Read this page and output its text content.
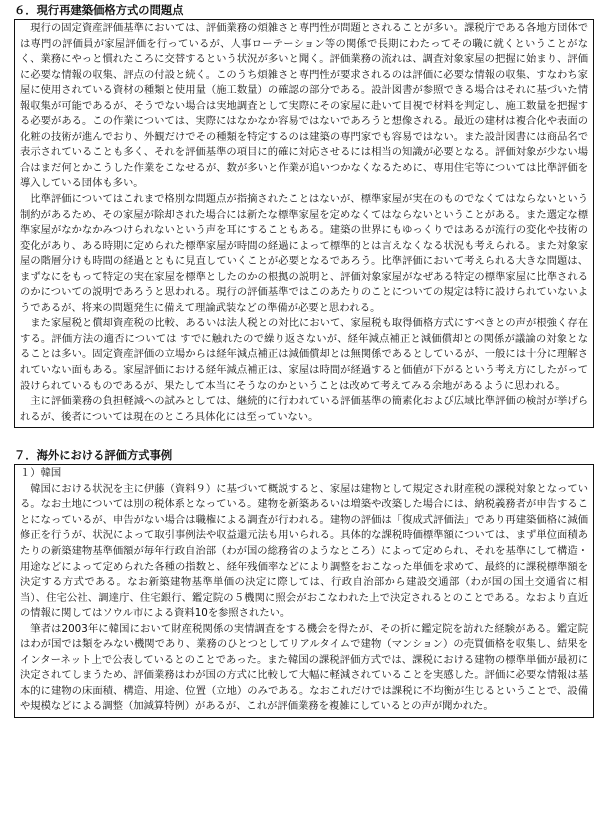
６．現行再建築価格方式の問題点

現行の固定資産評価基準においては、評価業務の煩雑さと専門性が問題とされることが多い。課税庁である各地方団体では専門の評価員が家屋評価を行っているが、人事ローテーション等の関係で長期にわたってその職に就くということがなく、業務にやっと慣れたころに交替するという状況が多いと聞く。評価業務の流れは、調査対象家屋の把握に始まり、評価に必要な情報の収集、評点の付設と続く。このうち煩雑さと専門性が要求されるのは評価に必要な情報の収集、すなわち家屋に使用されている資材の種類と使用量（施工数量）の確認の部分である。設計図書が参照できる場合はそれに基づいた情報収集が可能であるが、そうでない場合は実地調査として実際にその家屋に赴いて目視で材料を判定し、施工数量を把握する必要がある。この作業については、実際にはなかなか容易ではないであろうと想像される。最近の建材は複合化や表面の化粧の技術が進んでおり、外観だけでその種類を特定するのは建築の専門家でも容易ではない。また設計図書には商品名で表示されていることも多く、それを評価基準の項目に的確に対応させるには相当の知識が必要となる。評価対象が少ない場合はまだ何とかこうした作業をこなせるが、数が多いと作業が追いつかなくなるために、専用住宅等については比準評価を導入している団体も多い。

比準評価についてはこれまで格別な問題点が指摘されたことはないが、標準家屋が実在のものでなくてはならないという制約があるため、その家屋が除却された場合には新たな標準家屋を定めなくてはならないということがある。また選定な標準家屋がなかなかみつけられないという声を耳にすることもある。建築の世界にもゆっくりではあるが流行の変化や技術の変化があり、ある時期に定められた標準家屋が時間の経過によって標準的とは言えなくなる状況も考えられる。また対象家屋の階層分けも時間の経過とともに見直していくことが必要となるであろう。比準評価において考えられる大きな問題は、まずなにをもって特定の実在家屋を標準としたのかの根拠の説明と、評価対象家屋がなぜある特定の標準家屋に比準されるのかについての説明であろうと思われる。現行の評価基準ではこのあたりのことについての規定は特に設けられていないようであるが、将来の問題発生に備えて理論武装などの準備が必要と思われる。

また家屋税と償却資産税の比較、あるいは法人税との対比において、家屋税も取得価格方式にすべきとの声が根強く存在する。評価方法の適否については すでに触れたので繰り返さないが、経年減点補正と減価償却との関係が議論の対象となることは多い。固定資産評価の立場からは経年減点補正は減価償却とは無関係であるとしているが、一般には十分に理解されていない面もある。家屋評価における経年減点補正は、家屋は時間が経過すると価値が下がるという考え方にしたがって設けられているものであるが、果たして本当にそうなのかということは改めて考えてみる余地があるように思われる。

主に評価業務の負担軽減への試みとしては、継続的に行われている評価基準の簡素化および広域比準評価の検討が挙げられるが、後者については現在のところ具体化には至っていない。

７．海外における評価方式事例
１）韓国

韓国における状況を主に伊藤（資料９）に基づいて概説すると、家屋は建物として規定され財産税の課税対象となっている。なお土地については別の税体系となっている。建物を新築あるいは増築や改築した場合には、納税義務者が申告することになっているが、申告がない場合は職権による調査が行われる。建物の評価は「復成式評価法」であり再建築価格に減価修正を行うが、状況によって取引事例法や収益還元法も用いられる。具体的な課税時価標準額については、まず単位面積あたりの新築建物基準価額が毎年行政自治部（わが国の総務省のようなところ）によって定められ、それを基準にして構造・用途などによって定められた各種の指数と、経年残価率などにより調整をおこなった単価を求めて、最終的に課税標準額を決定する方式である。なお新築建物基準単価の決定に際しては、行政自治部から建設交通部（わが国の国土交通省に相当）、住宅公社、調達庁、住宅銀行、鑑定院の５機関に照会がおこなわれた上で決定されるとのことである。なおより直近の情報に関してはソウル市による資料10を参照されたい。

筆者は2003年に韓国において財産税関係の実情調査をする機会を得たが、その折に鑑定院を訪れた経験がある。鑑定院はわが国では類をみない機関であり、業務のひとつとしてリアルタイムで建物（マンション）の売買価格を収集し、結果をインターネット上で公表しているとのことであった。また韓国の課税評価方式では、課税における建物の標準単価が最初に決定されてしまうため、評価業務はわが国の方式に比較して大幅に軽減されていることを実感した。評価に必要な情報は基本的に建物の床面積、構造、用途、位置（立地）のみである。なおこれだけでは課税に不均衡が生じるということで、設備や規模などによる調整（加減算特例）があるが、これが評価業務を複雑にしているとの声が聞かれた。
